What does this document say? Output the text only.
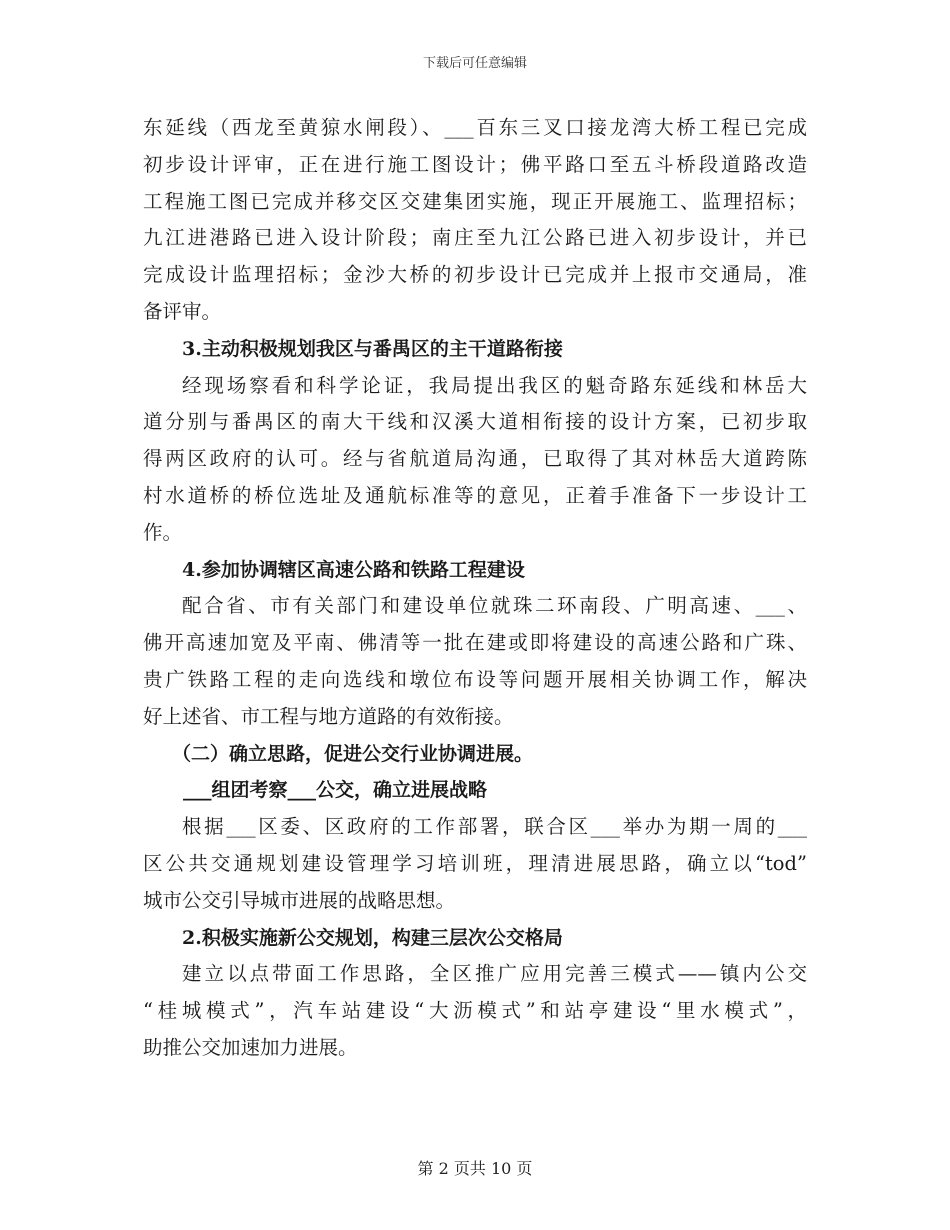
下载后可任意编辑
东延线（西龙至黄猄水闸段）、___百东三叉口接龙湾大桥工程已完成
初步设计评审，正在进行施工图设计；佛平路口至五斗桥段道路改造
工程施工图已完成并移交区交建集团实施，现正开展施工、监理招标；
九江进港路已进入设计阶段；南庄至九江公路已进入初步设计，并已
完成设计监理招标；金沙大桥的初步设计已完成并上报市交通局，准
备评审。
3.主动积极规划我区与番禺区的主干道路衔接
经现场察看和科学论证，我局提出我区的魁奇路东延线和林岳大
道分别与番禺区的南大干线和汉溪大道相衔接的设计方案，已初步取
得两区政府的认可。经与省航道局沟通，已取得了其对林岳大道跨陈
村水道桥的桥位选址及通航标准等的意见，正着手准备下一步设计工
作。
4.参加协调辖区高速公路和铁路工程建设
配合省、市有关部门和建设单位就珠二环南段、广明高速、___、
佛开高速加宽及平南、佛清等一批在建或即将建设的高速公路和广珠、
贵广铁路工程的走向选线和墩位布设等问题开展相关协调工作，解决
好上述省、市工程与地方道路的有效衔接。
（二）确立思路，促进公交行业协调进展。
___组团考察___公交，确立进展战略
根据___区委、区政府的工作部署，联合区___举办为期一周的___
区公共交通规划建设管理学习培训班，理清进展思路，确立以“tod”
城市公交引导城市进展的战略思想。
2.积极实施新公交规划，构建三层次公交格局
建立以点带面工作思路，全区推广应用完善三模式——镇内公交
“桂城模式”，汽车站建设“大沥模式”和站亭建设“里水模式”，
助推公交加速加力进展。
第 2 页共 10 页
